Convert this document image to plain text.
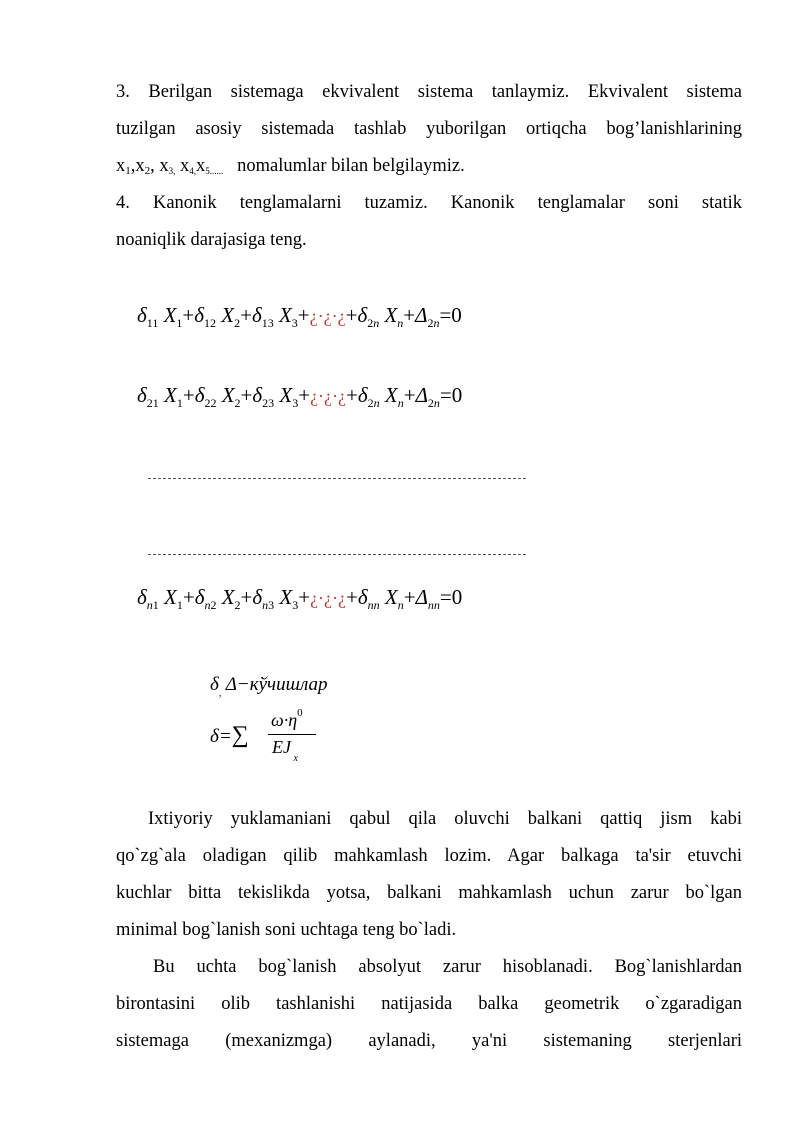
3. Berilgan sistemaga ekvivalent sistema tanlaymiz. Ekvivalent sistema

tuzilgan asosiy sistemada tashlab yuborilgan ortiqcha bog’lanishlarining

$x_1,x_2$, x3, x4,x5...... nomalumlar bilan belgilaymiz.

4. Kanonik tenglamalarni tuzamiz. Kanonik tenglamalar soni statik

noaniqlik darajasiga teng.

$\delta_{11}$ $X_1+\delta_{12}$ $X_2+\delta_{13}$ $X_3+¿\cdot¿\cdot¿+\delta_{2n}$ $X_n+\Delta_{2n}=0$
$\delta_{21}$ $X_1+\delta_{22}$ $X_2+\delta_{23}$ $X_3+¿\cdot¿\cdot¿+\delta_{2n}$ $X_n+\Delta_{2n}=0$
$\delta_{n1}$ $X_1+\delta_{n2}$ $X_2+\delta_{n3}$ $X_3+¿\cdot¿\cdot¿+\delta_{nn}$ $X_n+\Delta_{nn}=0$
$\delta_,$ Δ−кўчишлар
δ=∑
$\omega\cdot\eta^0$
EJ $_x$

Ixtiyoriy yuklamaniani qabul qila oluvchi balkani qattiq jism kabi

qo`zg`ala oladigan qilib mahkamlash lozim. Agar balkaga ta'sir etuvchi

kuchlar bitta tekislikda yotsa, balkani mahkamlash uchun zarur bo`lgan

minimal bog`lanish soni uchtaga teng bo`ladi.

Bu uchta bog`lanish absolyut zarur hisoblanadi. Bog`lanishlardan

birontasini olib tashlanishi natijasida balka geometrik o`zgaradigan

sistemaga (mexanizmga) aylanadi, ya'ni sistemaning sterjenlari
